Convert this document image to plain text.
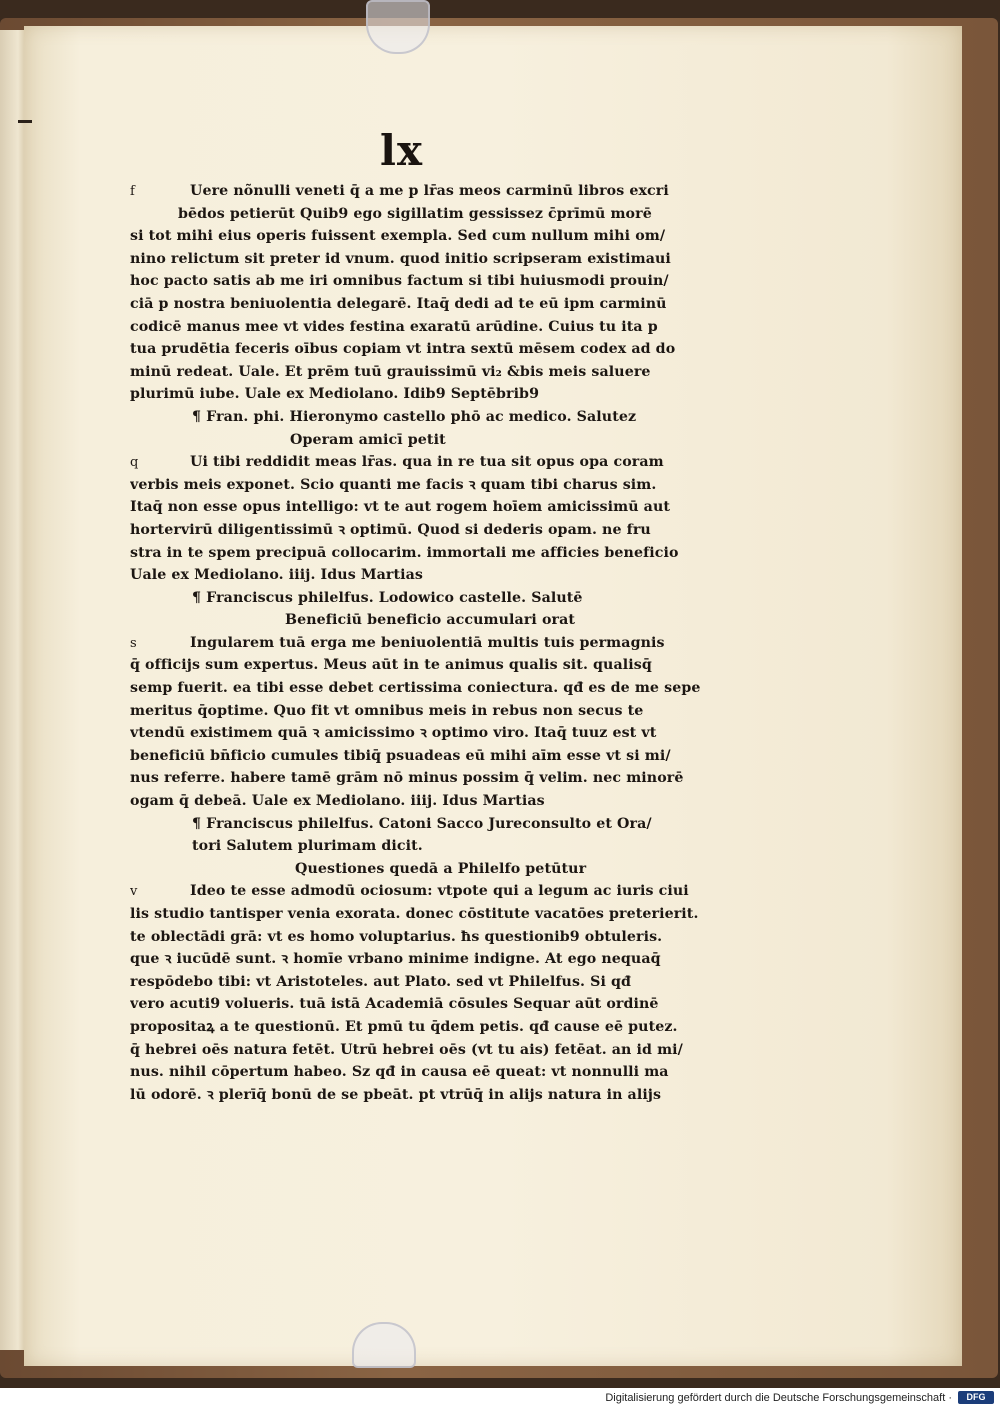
lx
f	Uere nõnulli veneti q̄ a me p lr̄as meos carminū libros excri
bēdos petierūt Quib9 ego sigillatim gessissez c̄prīmū morē
si tot mihi eius operis fuissent exempla. Sed cum nullum mihi om/
nino relictum sit preter id vnum. quod initio scripseram existimaui
hoc pacto satis ab me iri omnibus factum si tibi huiusmodi prouin/
ciā p nostra beniuolentia delegarē. Itaq̄ dedi ad te eū ipm carminū
codicē manus mee vt vides festina exaratū arūdine. Cuius tu ita p
tua prudētia feceris oībus copiam vt intra sextū mēsem codex ad do
minū redeat. Uale. Et prēm tuū grauissimū vi₂ &bis meis saluere
plurimū iube. Uale ex Mediolano. Idib9 Septēbrib9
¶ Fran. phi. Hieronymo castello phō ac medico. Salutez
Operam amicī petit
q	Ui tibi reddidit meas lr̄as. qua in re tua sit opus opa coram
verbis meis exponet. Scio quanti me facis ꝛ quam tibi charus sim.
Itaq̄ non esse opus intelligo: vt te aut rogem hoīem amicissimū aut
hortervirū diligentissimū ꝛ optimū. Quod si dederis opam. ne fru
stra in te spem precipuā collocarim. immortali me afficies beneficio
Uale ex Mediolano. iiij. Idus Martias
¶ Franciscus philelfus. Lodowico castelle. Salutē
Beneficiū beneficio accumulari orat
s	Ingularem tuā erga me beniuolentiā multis tuis permagnis
q̄ officijs sum expertus. Meus aūt in te animus qualis sit. qualisq̄
semp fuerit. ea tibi esse debet certissima coniectura. qđ es de me sepe
meritus q̄optime. Quo fit vt omnibus meis in rebus non secus te
vtendū existimem quā ꝛ amicissimo ꝛ optimo viro. Itaq̄ tuuz est vt
beneficiū bn̄ficio cumules tibiq̄ psuadeas eū mihi aīm esse vt si mi/
nus referre. habere tamē grām nō minus possim q̄ velim. nec minorē
ogam q̄ debeā. Uale ex Mediolano. iiij. Idus Martias
¶ Franciscus philelfus. Catoni Sacco Jureconsulto et Ora/
tori Salutem plurimam dicit.
Questiones quedā a Philelfo petūtur
v	Ideo te esse admodū ociosum: vtpote qui a legum ac iuris ciui
lis studio tantisper venia exorata. donec cōstitute vacatōes preterierit.
te oblectādi grā: vt es homo voluptarius. ħs questionib9 obtuleris.
que ꝛ iucūdē sunt. ꝛ homīe vrbano minime indigne. At ego nequaq̄
respōdebo tibi: vt Aristoteles. aut Plato. sed vt Philelfus. Si qđ
vero acuti9 volueris. tuā istā Academiā cōsules Sequar aūt ordinē
propositaꝝ a te questionū. Et pmū tu q̄dem petis. qđ cause eē putez.
q̄ hebrei oēs natura fetēt. Utrū hebrei oēs (vt tu ais) fetēat. an id mi/
nus. nihil cōpertum habeo. Sz qđ in causa eē queat: vt nonnulli ma
lū odorē. ꝛ plerīq̄ bonū de se pbeāt. pt vtrūq̄ in alijs natura in alijs
Digitalisierung gefördert durch die Deutsche Forschungsgemeinschaft ·	DFG
